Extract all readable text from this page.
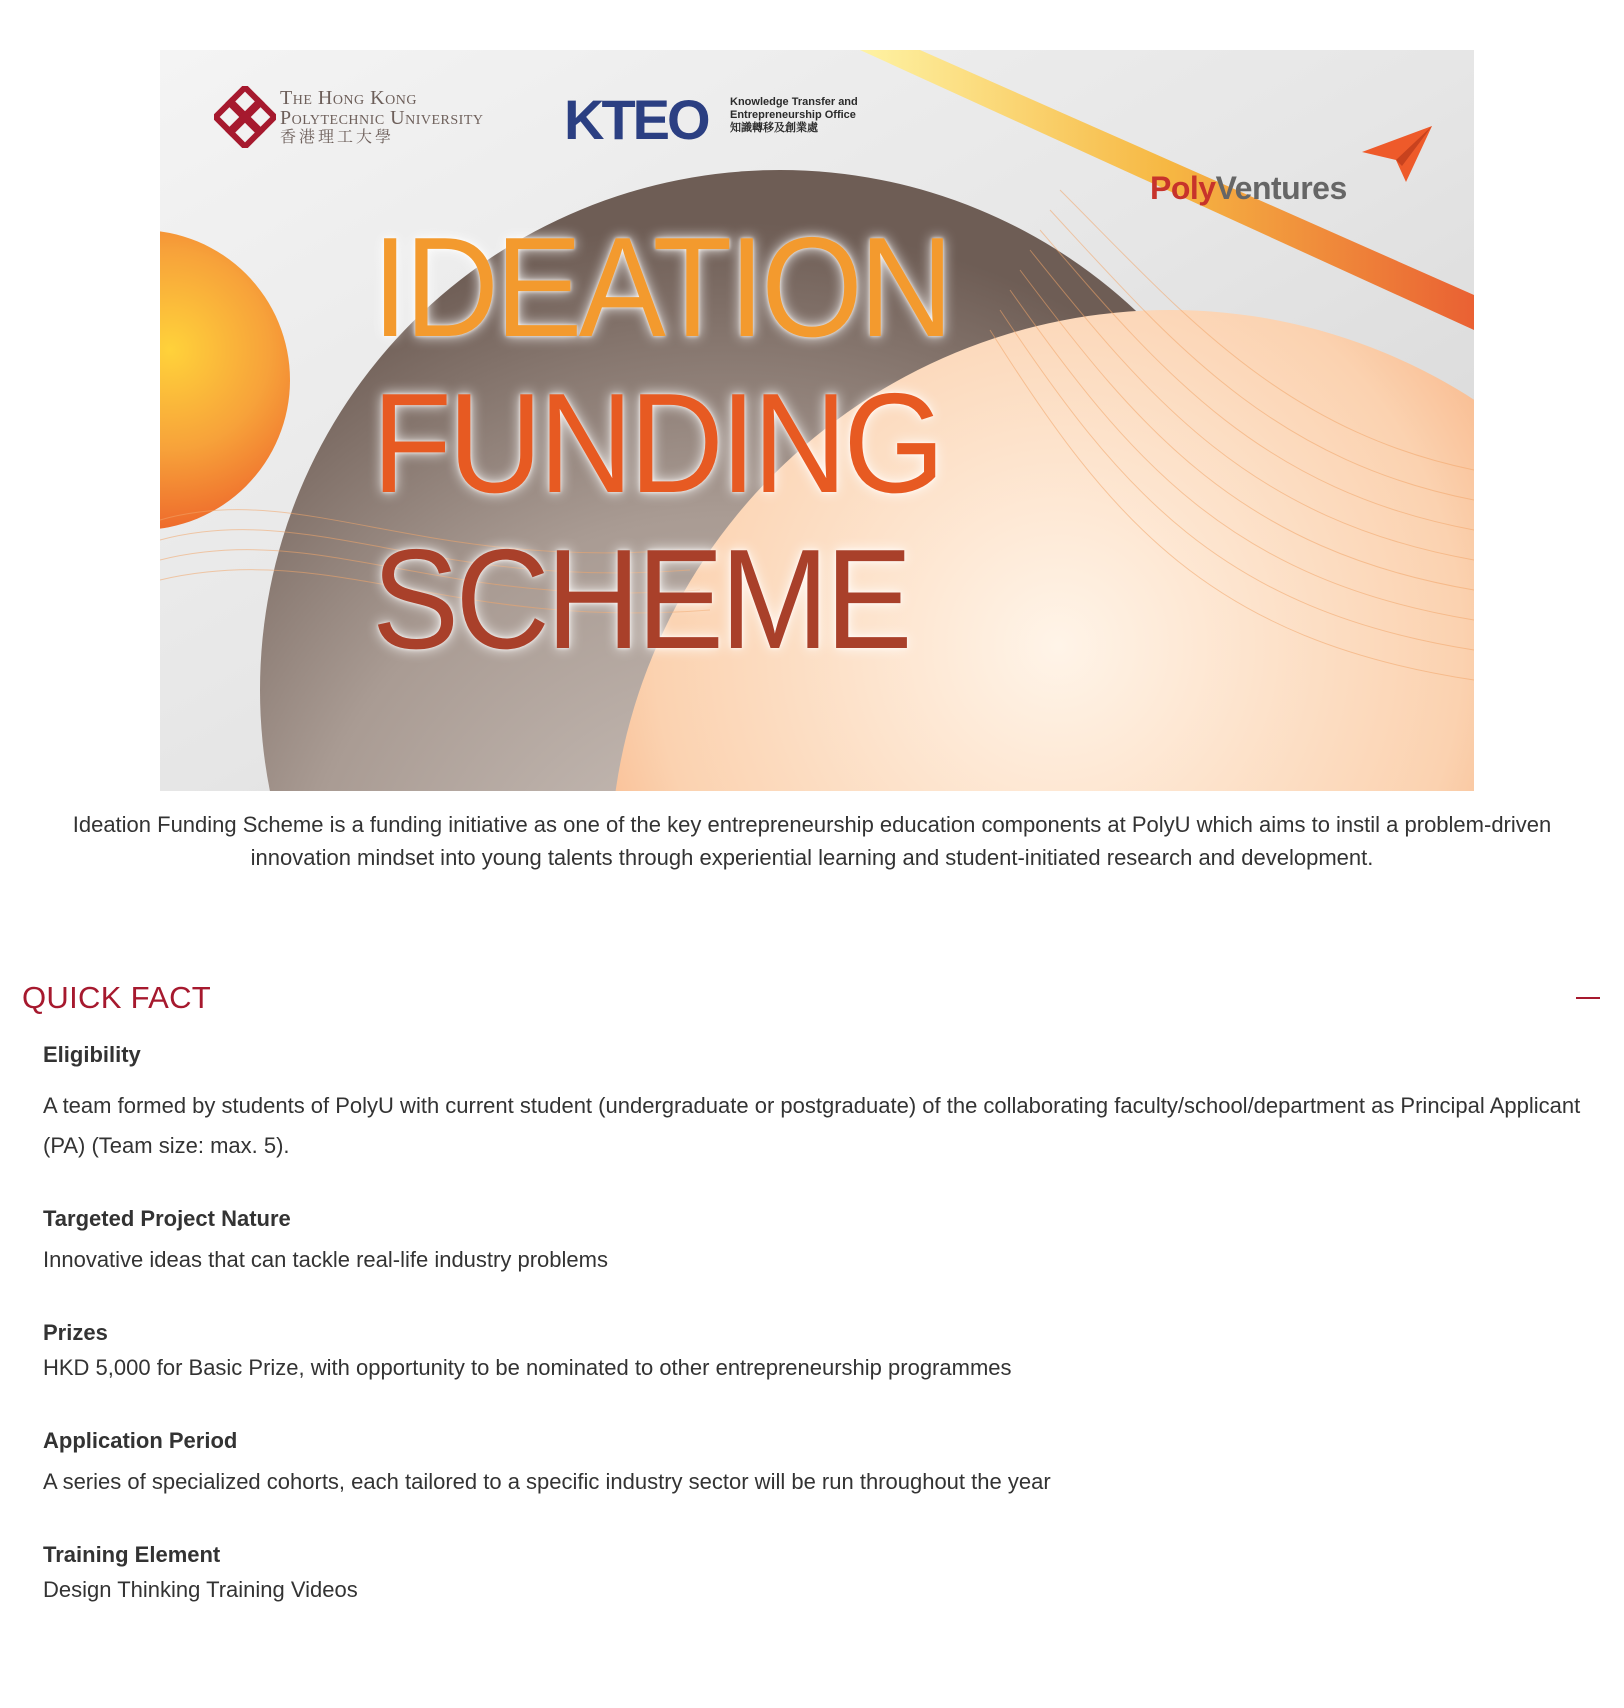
The Hong Kong
Polytechnic University
香港理工大學	KTEO Knowledge Transfer and
Entrepreneurship Office
知識轉移及創業處
PolyVentures
IDEATION
FUNDING
SCHEME
Ideation Funding Scheme is a funding initiative as one of the key entrepreneurship education components at PolyU which aims to instil a problem-driven innovation mindset into young talents through experiential learning and student-initiated research and development.
QUICK FACT
Eligibility
A team formed by students of PolyU with current student (undergraduate or postgraduate) of the collaborating faculty/school/department as Principal Applicant (PA) (Team size: max. 5).
Targeted Project Nature
Innovative ideas that can tackle real-life industry problems
Prizes
HKD 5,000 for Basic Prize, with opportunity to be nominated to other entrepreneurship programmes
Application Period
A series of specialized cohorts, each tailored to a specific industry sector will be run throughout the year
Training Element
Design Thinking Training Videos
